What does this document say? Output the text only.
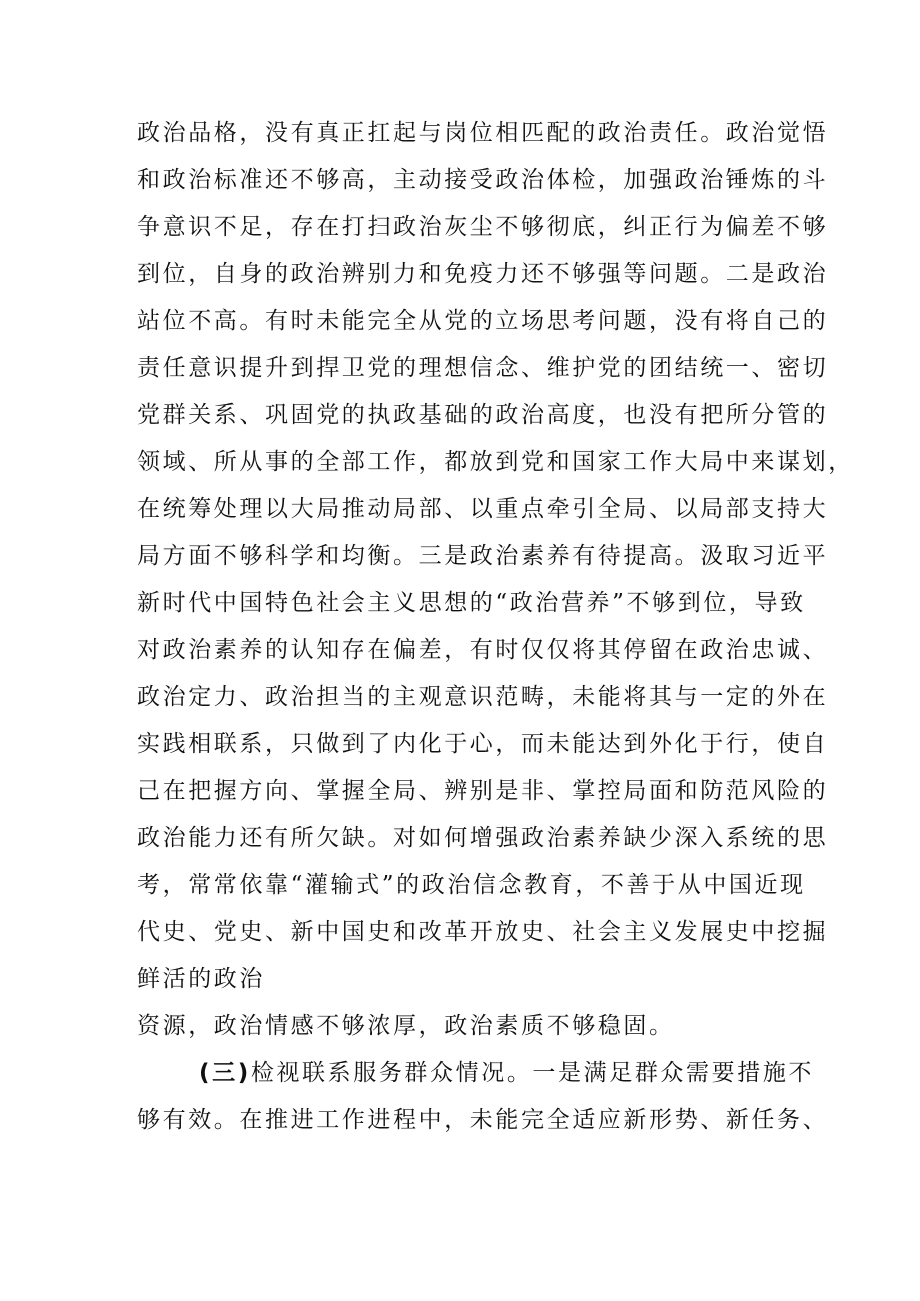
政治品格，没有真正扛起与岗位相匹配的政治责任。政治觉悟
和政治标准还不够高，主动接受政治体检，加强政治锤炼的斗
争意识不足，存在打扫政治灰尘不够彻底，纠正行为偏差不够
到位，自身的政治辨别力和免疫力还不够强等问题。二是政治
站位不高。有时未能完全从党的立场思考问题，没有将自己的
责任意识提升到捍卫党的理想信念、维护党的团结统一、密切
党群关系、巩固党的执政基础的政治高度，也没有把所分管的
领域、所从事的全部工作，都放到党和国家工作大局中来谋划，
在统筹处理以大局推动局部、以重点牵引全局、以局部支持大
局方面不够科学和均衡。三是政治素养有待提高。汲取习近平
新时代中国特色社会主义思想的“政治营养”不够到位，导致
对政治素养的认知存在偏差，有时仅仅将其停留在政治忠诚、
政治定力、政治担当的主观意识范畴，未能将其与一定的外在
实践相联系，只做到了内化于心，而未能达到外化于行，使自
己在把握方向、掌握全局、辨别是非、掌控局面和防范风险的
政治能力还有所欠缺。对如何增强政治素养缺少深入系统的思
考，常常依靠“灌输式”的政治信念教育，不善于从中国近现
代史、党史、新中国史和改革开放史、社会主义发展史中挖掘
鲜活的政治
资源，政治情感不够浓厚，政治素质不够稳固。
(三)检视联系服务群众情况。一是满足群众需要措施不
够有效。在推进工作进程中，未能完全适应新形势、新任务、
